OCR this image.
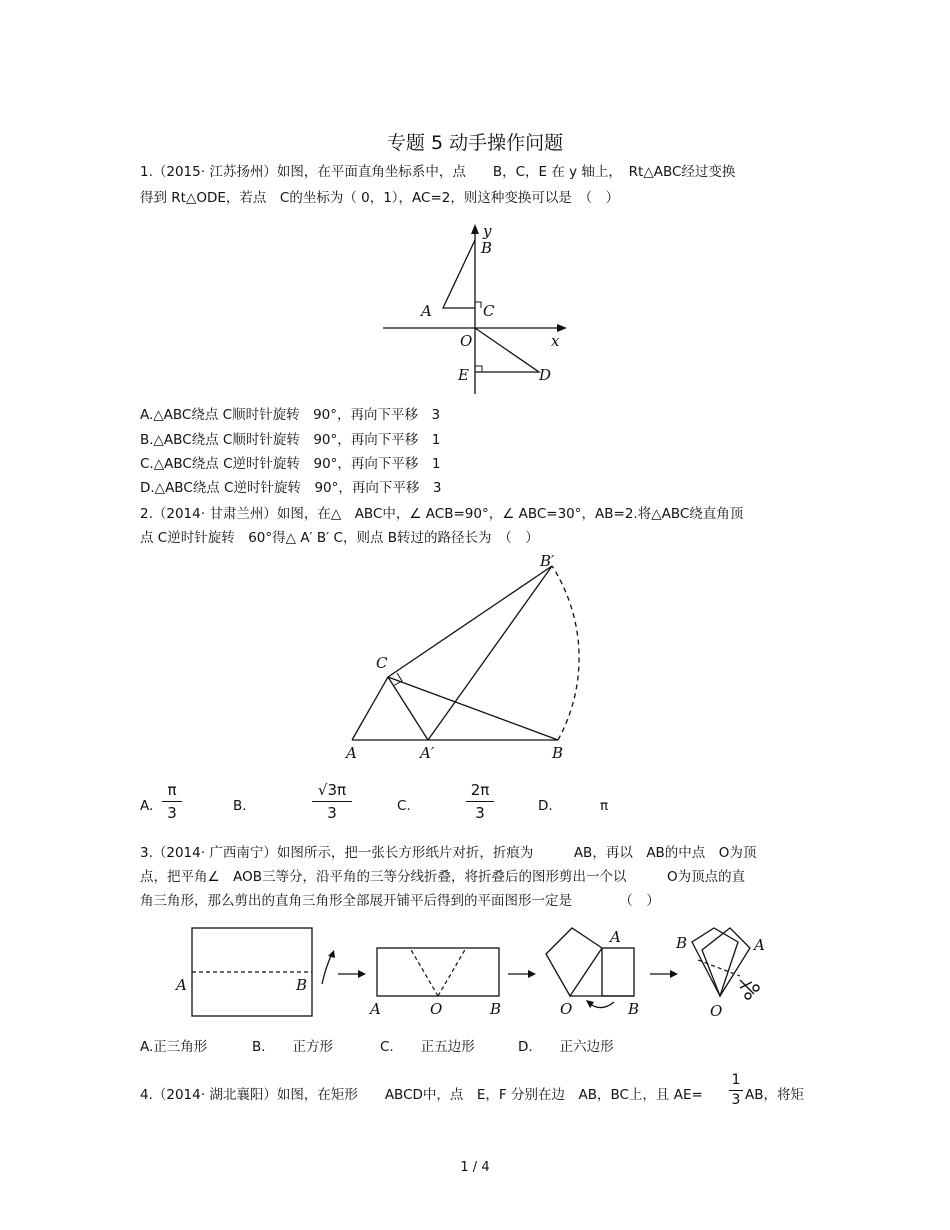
专题 5 动手操作问题
1.（2015· 江苏扬州）如图，在平面直角坐标系中，点　　B，C，E 在 y 轴上，　Rt△ABC经过变换
得到 Rt△ODE，若点　C的坐标为（ 0，1），AC=2，则这种变换可以是　（　）
y
B
A	C
O	x
E	D
A.△ABC绕点 C顺时针旋转　90°，再向下平移　3
B.△ABC绕点 C顺时针旋转　90°，再向下平移　1
C.△ABC绕点 C逆时针旋转　90°，再向下平移　1
D.△ABC绕点 C逆时针旋转　90°，再向下平移　3
2.（2014· 甘肃兰州）如图，在△　ABC中，∠ ACB=90°，∠ ABC=30°，AB=2.将△ABC绕直角顶
点 C逆时针旋转　60°得△ A′ B′ C，则点 B转过的路径长为　（　）
B′
C
A	A′	B
A.
π
3	B.
√3π
3	C.
2π
3	D.	π
3.（2014· 广西南宁）如图所示，把一张长方形纸片对折，折痕为　　　AB，再以　AB的中点　O为顶
点，把平角∠　AOB三等分，沿平角的三等分线折叠，将折叠后的图形剪出一个以　　　O为顶点的直
角三角形，那么剪出的直角三角形全部展开铺平后得到的平面图形一定是　　　　（　）
A	B
A	O	B
A
O	B
B	A
O
A.正三角形	B.　　正方形	C.　　正五边形	D.　　正六边形
4.（2014· 湖北襄阳）如图，在矩形　　ABCD中，点　E，F 分别在边　AB，BC上，且 AE=
1
3 AB，将矩
1 / 4
